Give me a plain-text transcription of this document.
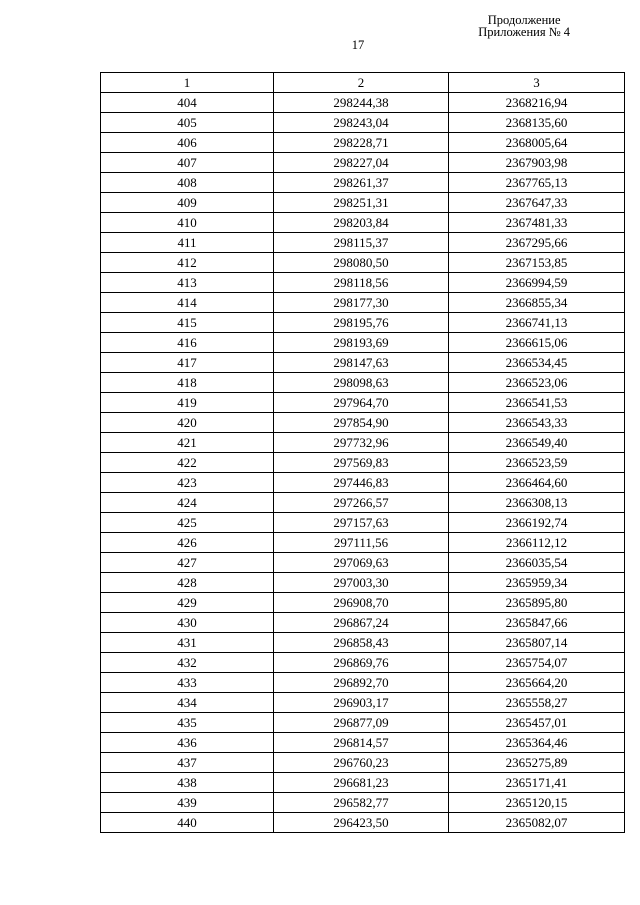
Продолжение
Приложения № 4
17
1	2	3
404	298244,38	2368216,94
405	298243,04	2368135,60
406	298228,71	2368005,64
407	298227,04	2367903,98
408	298261,37	2367765,13
409	298251,31	2367647,33
410	298203,84	2367481,33
411	298115,37	2367295,66
412	298080,50	2367153,85
413	298118,56	2366994,59
414	298177,30	2366855,34
415	298195,76	2366741,13
416	298193,69	2366615,06
417	298147,63	2366534,45
418	298098,63	2366523,06
419	297964,70	2366541,53
420	297854,90	2366543,33
421	297732,96	2366549,40
422	297569,83	2366523,59
423	297446,83	2366464,60
424	297266,57	2366308,13
425	297157,63	2366192,74
426	297111,56	2366112,12
427	297069,63	2366035,54
428	297003,30	2365959,34
429	296908,70	2365895,80
430	296867,24	2365847,66
431	296858,43	2365807,14
432	296869,76	2365754,07
433	296892,70	2365664,20
434	296903,17	2365558,27
435	296877,09	2365457,01
436	296814,57	2365364,46
437	296760,23	2365275,89
438	296681,23	2365171,41
439	296582,77	2365120,15
440	296423,50	2365082,07
